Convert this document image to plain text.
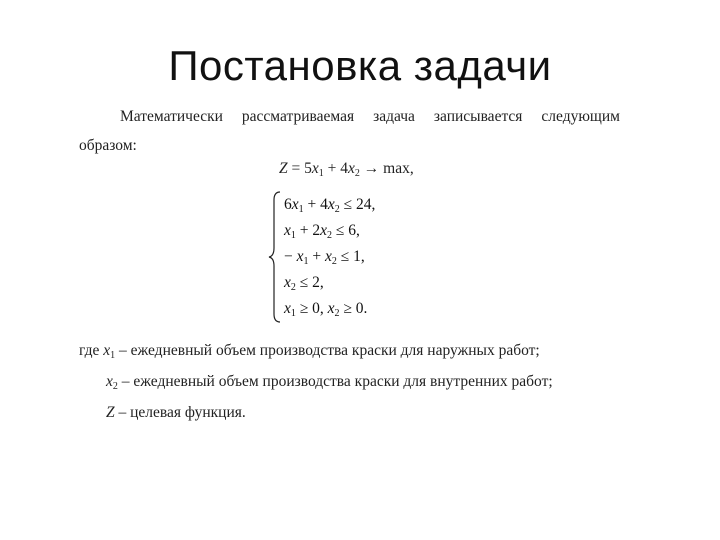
Постановка задачи
Математически рассматриваемая задача записывается следующим
образом:
$Z = 5x_1 + 4x_2 \to \max$,
$6x_1 + 4x_2 \le 24$,
$x_1 + 2x_2 \le 6$,
− $x_1 + x_2 \le 1$,
$x_2 \le 2$,
$x_1 \ge 0$, $x_2 \ge 0$.
где $x_1$ – ежедневный объем производства краски для наружных работ;
$x_2$ – ежедневный объем производства краски для внутренних работ;
Z – целевая функция.
